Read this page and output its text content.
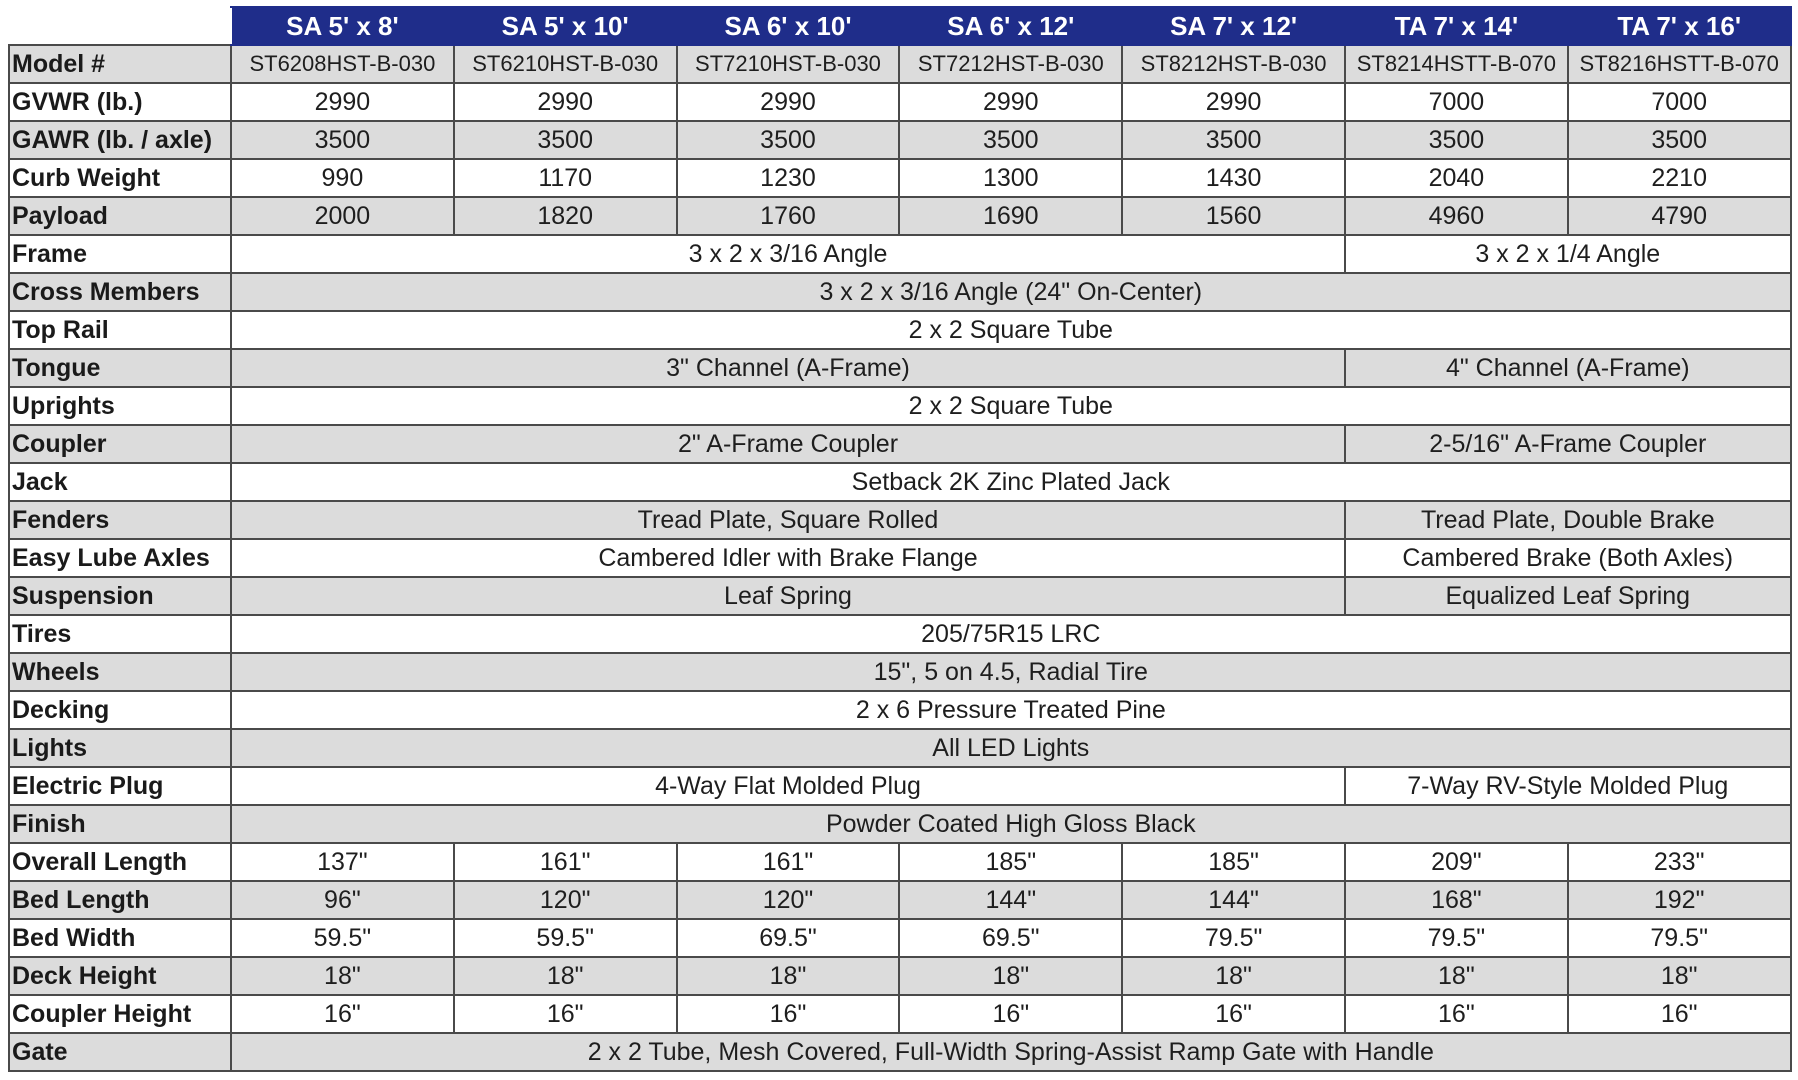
	SA 5' x 8'	SA 5' x 10'	SA 6' x 10'	SA 6' x 12'	SA 7' x 12'	TA 7' x 14'	TA 7' x 16'
Model #	ST6208HST-B-030	ST6210HST-B-030	ST7210HST-B-030	ST7212HST-B-030	ST8212HST-B-030	ST8214HSTT-B-070	ST8216HSTT-B-070
GVWR (lb.)	2990	2990	2990	2990	2990	7000	7000
GAWR (lb. / axle)	3500	3500	3500	3500	3500	3500	3500
Curb Weight	990	1170	1230	1300	1430	2040	2210
Payload	2000	1820	1760	1690	1560	4960	4790
Frame	3 x 2 x 3/16 Angle					3 x 2 x 1/4 Angle	
Cross Members	3 x 2 x 3/16 Angle (24" On-Center)						
Top Rail	2 x 2 Square Tube						
Tongue	3" Channel (A-Frame)					4" Channel (A-Frame)	
Uprights	2 x 2 Square Tube						
Coupler	2" A-Frame Coupler					2-5/16" A-Frame Coupler	
Jack	Setback 2K Zinc Plated Jack						
Fenders	Tread Plate, Square Rolled					Tread Plate, Double Brake	
Easy Lube Axles	Cambered Idler with Brake Flange					Cambered Brake (Both Axles)	
Suspension	Leaf Spring					Equalized Leaf Spring	
Tires	205/75R15 LRC						
Wheels	15", 5 on 4.5, Radial Tire						
Decking	2 x 6 Pressure Treated Pine						
Lights	All LED Lights						
Electric Plug	4-Way Flat Molded Plug					7-Way RV-Style Molded Plug	
Finish	Powder Coated High Gloss Black						
Overall Length	137"	161"	161"	185"	185"	209"	233"
Bed Length	96"	120"	120"	144"	144"	168"	192"
Bed Width	59.5"	59.5"	69.5"	69.5"	79.5"	79.5"	79.5"
Deck Height	18"	18"	18"	18"	18"	18"	18"
Coupler Height	16"	16"	16"	16"	16"	16"	16"
Gate	2 x 2 Tube, Mesh Covered, Full-Width Spring-Assist Ramp Gate with Handle						
